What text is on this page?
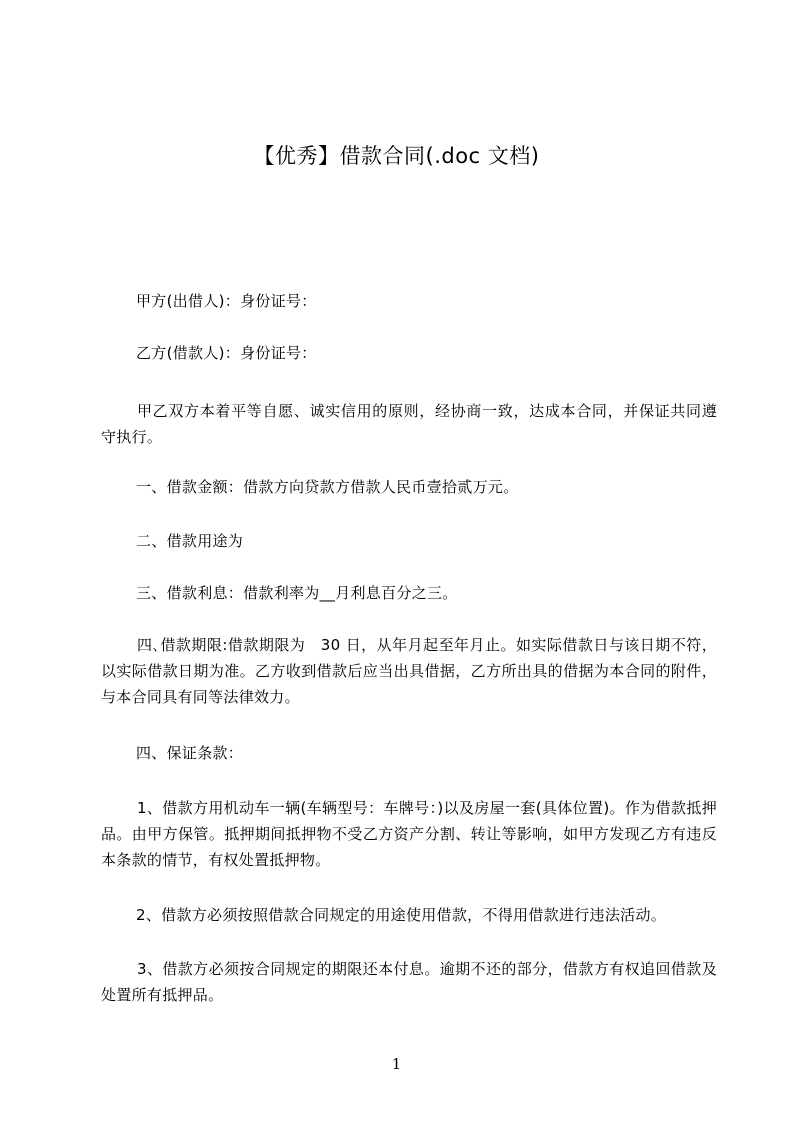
【优秀】借款合同(.doc 文档)

甲方(出借人)：身份证号：

乙方(借款人)：身份证号：

甲乙双方本着平等自愿、诚实信用的原则，经协商一致，达成本合同，并保证共同遵守执行。

一、借款金额：借款方向贷款方借款人民币壹拾贰万元。

二、借款用途为

三、借款利息：借款利率为__月利息百分之三。

四､借款期限:借款期限为　30 日，从年月起至年月止。如实际借款日与该日期不符，以实际借款日期为准。乙方收到借款后应当出具借据，乙方所出具的借据为本合同的附件，与本合同具有同等法律效力。

四、保证条款：

1、借款方用机动车一辆(车辆型号：车牌号：)以及房屋一套(具体位置)。作为借款抵押品。由甲方保管。抵押期间抵押物不受乙方资产分割、转让等影响，如甲方发现乙方有违反本条款的情节，有权处置抵押物。

2、借款方必须按照借款合同规定的用途使用借款，不得用借款进行违法活动。

3、借款方必须按合同规定的期限还本付息。逾期不还的部分，借款方有权追回借款及处置所有抵押品。

1
